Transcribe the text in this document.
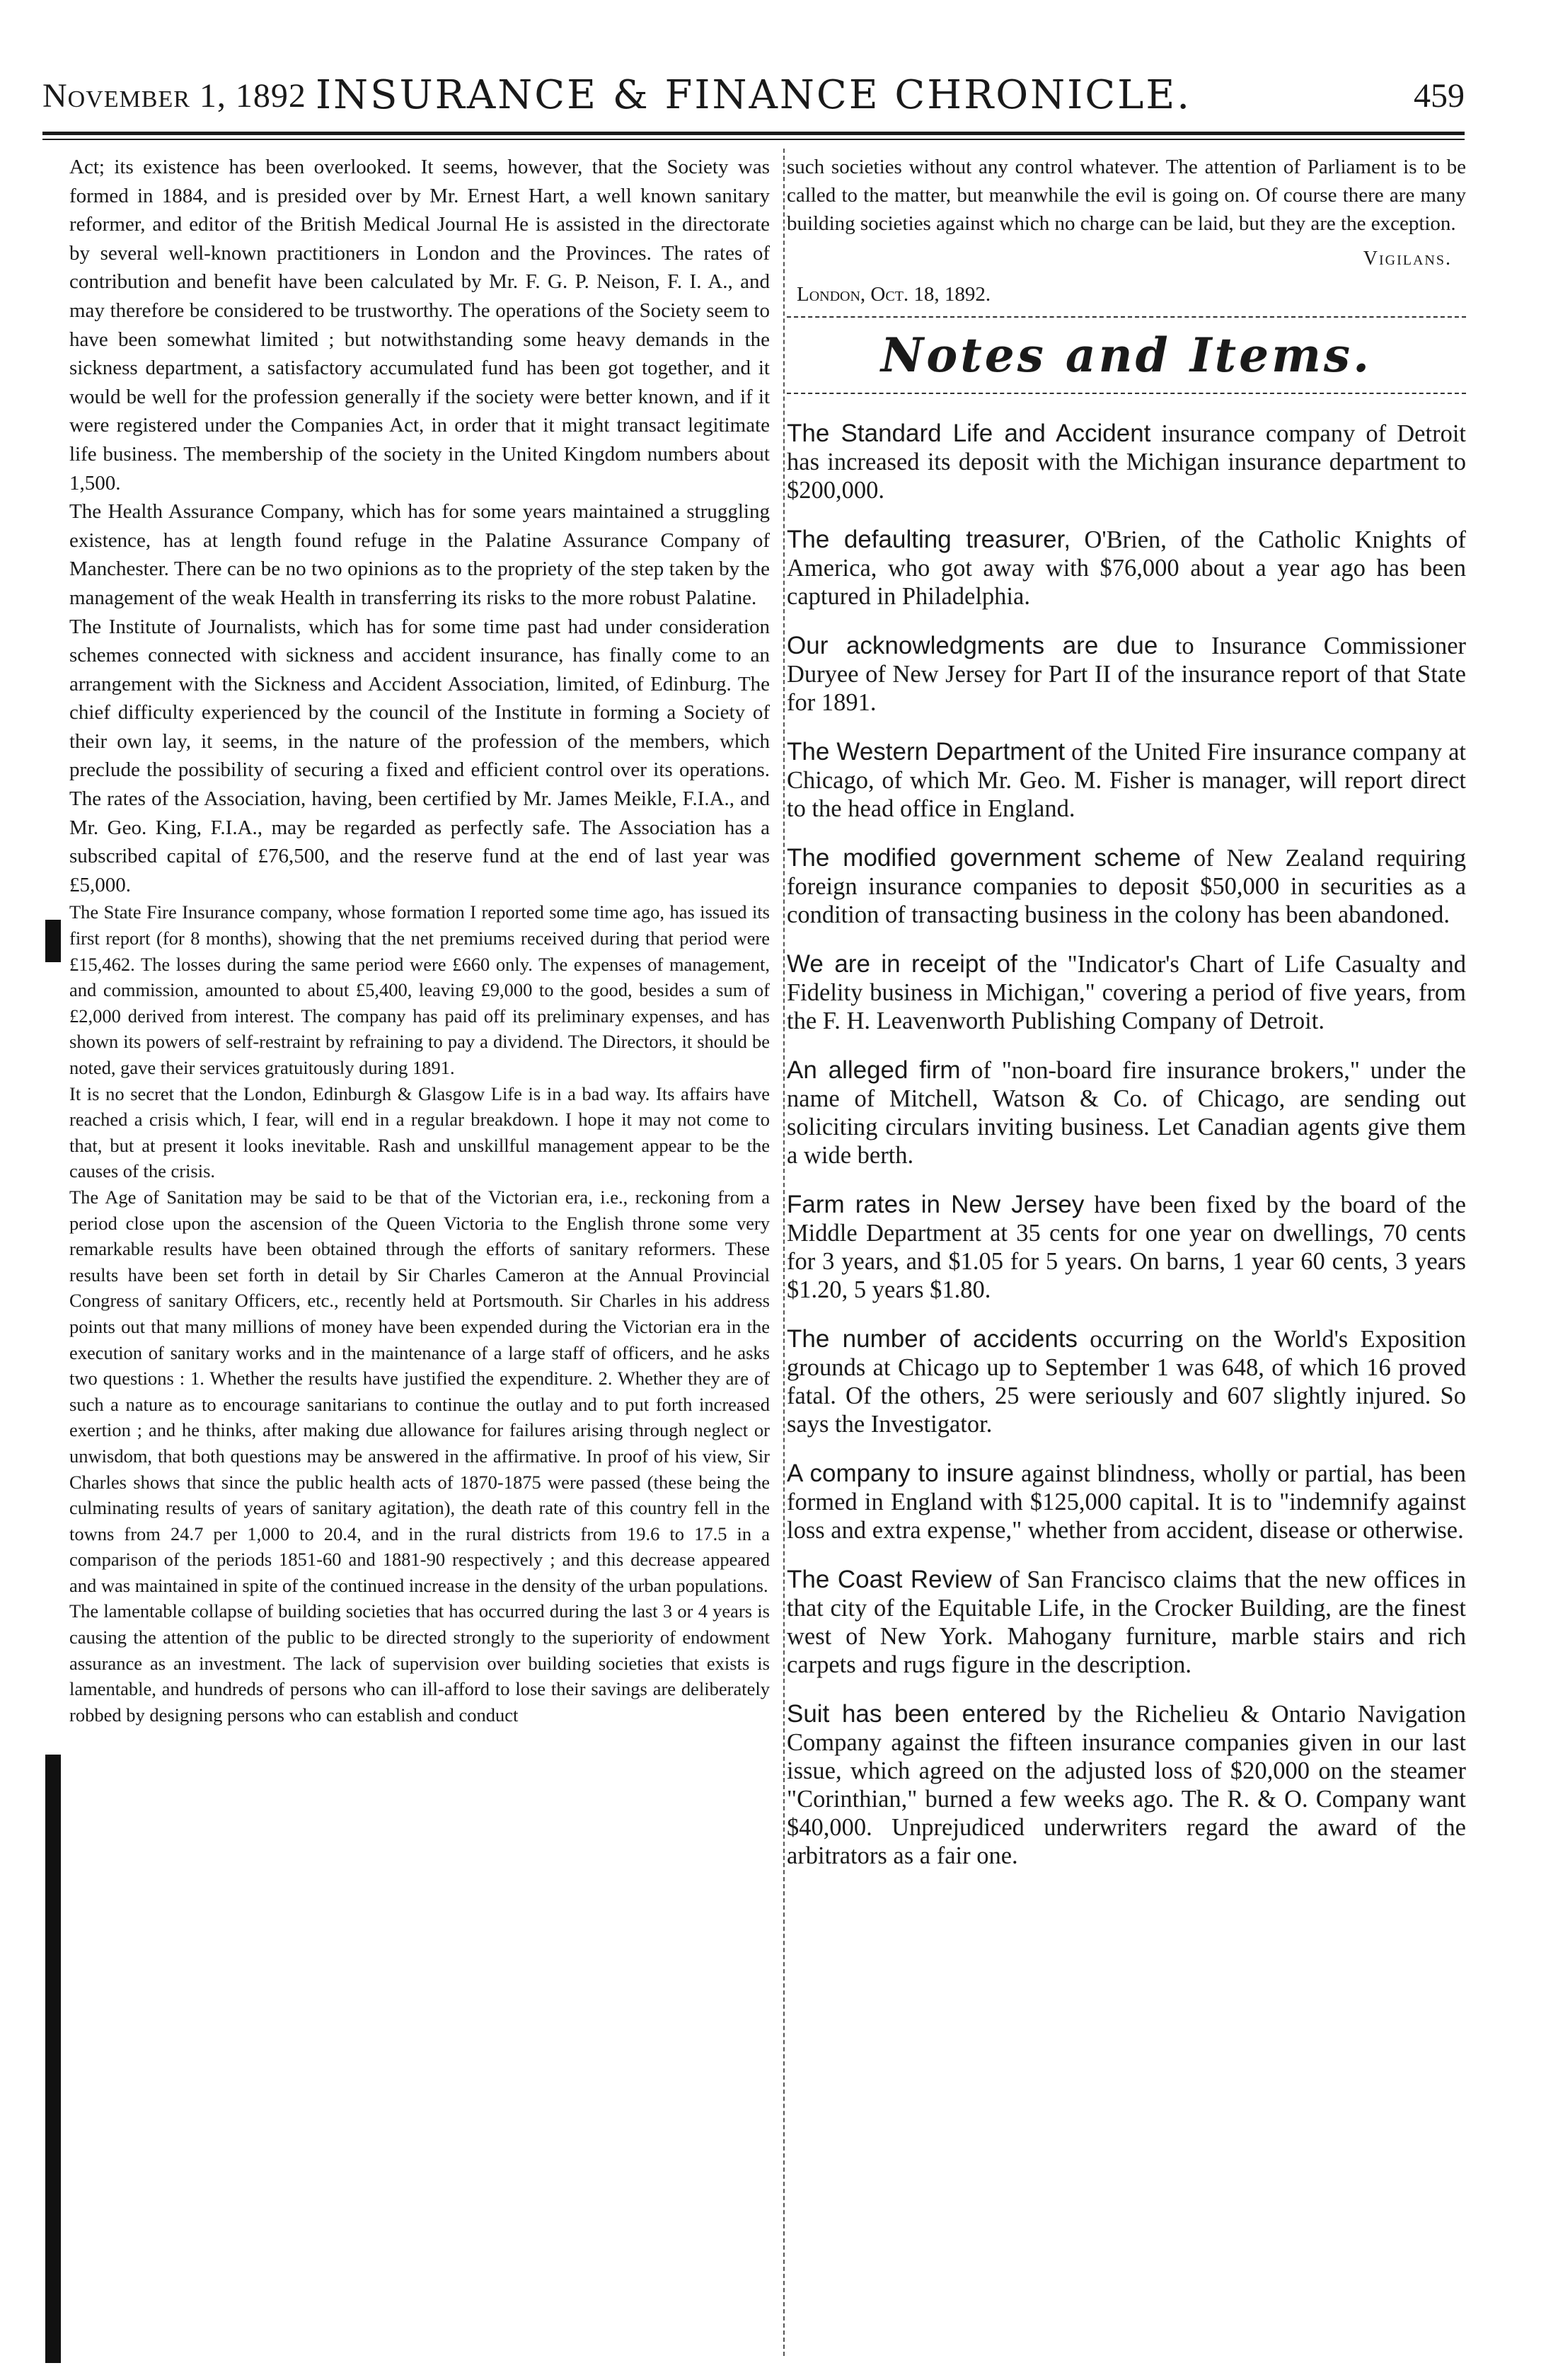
November 1, 1892 INSURANCE & FINANCE CHRONICLE.	459

Act; its existence has been overlooked. It seems, however, that the Society was formed in 1884, and is presided over by Mr. Ernest Hart, a well known sanitary reformer, and editor of the British Medical Journal He is assisted in the directorate by several well-known practitioners in London and the Provinces. The rates of contribution and benefit have been calculated by Mr. F. G. P. Neison, F. I. A., and may therefore be considered to be trustworthy. The operations of the Society seem to have been somewhat limited ; but notwithstanding some heavy demands in the sickness department, a satisfactory accumulated fund has been got together, and it would be well for the profession generally if the society were better known, and if it were registered under the Companies Act, in order that it might transact legitimate life business. The membership of the society in the United Kingdom numbers about 1,500.

The Health Assurance Company, which has for some years maintained a struggling existence, has at length found refuge in the Palatine Assurance Company of Manchester. There can be no two opinions as to the propriety of the step taken by the management of the weak Health in transferring its risks to the more robust Palatine.

The Institute of Journalists, which has for some time past had under consideration schemes connected with sickness and accident insurance, has finally come to an arrangement with the Sickness and Accident Association, limited, of Edinburg. The chief difficulty experienced by the council of the Institute in forming a Society of their own lay, it seems, in the nature of the profession of the members, which preclude the possibility of securing a fixed and efficient control over its operations. The rates of the Association, having, been certified by Mr. James Meikle, F.I.A., and Mr. Geo. King, F.I.A., may be regarded as perfectly safe. The Association has a subscribed capital of £76,500, and the reserve fund at the end of last year was £5,000.

The State Fire Insurance company, whose formation I reported some time ago, has issued its first report (for 8 months), showing that the net premiums received during that period were £15,462. The losses during the same period were £660 only. The expenses of management, and commission, amounted to about £5,400, leaving £9,000 to the good, besides a sum of £2,000 derived from interest. The company has paid off its preliminary expenses, and has shown its powers of self-restraint by refraining to pay a dividend. The Directors, it should be noted, gave their services gratuitously during 1891.

It is no secret that the London, Edinburgh & Glasgow Life is in a bad way. Its affairs have reached a crisis which, I fear, will end in a regular breakdown. I hope it may not come to that, but at present it looks inevitable. Rash and unskillful management appear to be the causes of the crisis.

The Age of Sanitation may be said to be that of the Victorian era, i.e., reckoning from a period close upon the ascension of the Queen Victoria to the English throne some very remarkable results have been obtained through the efforts of sanitary reformers. These results have been set forth in detail by Sir Charles Cameron at the Annual Provincial Congress of sanitary Officers, etc., recently held at Portsmouth. Sir Charles in his address points out that many millions of money have been expended during the Victorian era in the execution of sanitary works and in the maintenance of a large staff of officers, and he asks two questions : 1. Whether the results have justified the expenditure. 2. Whether they are of such a nature as to encourage sanitarians to continue the outlay and to put forth increased exertion ; and he thinks, after making due allowance for failures arising through neglect or unwisdom, that both questions may be answered in the affirmative. In proof of his view, Sir Charles shows that since the public health acts of 1870-1875 were passed (these being the culminating results of years of sanitary agitation), the death rate of this country fell in the towns from 24.7 per 1,000 to 20.4, and in the rural districts from 19.6 to 17.5 in a comparison of the periods 1851-60 and 1881-90 respectively ; and this decrease appeared and was maintained in spite of the continued increase in the density of the urban populations.

The lamentable collapse of building societies that has occurred during the last 3 or 4 years is causing the attention of the public to be directed strongly to the superiority of endowment assurance as an investment. The lack of supervision over building societies that exists is lamentable, and hundreds of persons who can ill-afford to lose their savings are deliberately robbed by designing persons who can establish and conduct

such societies without any control whatever. The attention of Parliament is to be called to the matter, but meanwhile the evil is going on. Of course there are many building societies against which no charge can be laid, but they are the exception.

Vigilans.
London, Oct. 18, 1892.
Notes and Items.

The Standard Life and Accident insurance company of Detroit has increased its deposit with the Michigan insurance department to $200,000.

The defaulting treasurer, O'Brien, of the Catholic Knights of America, who got away with $76,000 about a year ago has been captured in Philadelphia.

Our acknowledgments are due to Insurance Commissioner Duryee of New Jersey for Part II of the insurance report of that State for 1891.

The Western Department of the United Fire insurance company at Chicago, of which Mr. Geo. M. Fisher is manager, will report direct to the head office in England.

The modified government scheme of New Zealand requiring foreign insurance companies to deposit $50,000 in securities as a condition of transacting business in the colony has been abandoned.

We are in receipt of the "Indicator's Chart of Life Casualty and Fidelity business in Michigan," covering a period of five years, from the F. H. Leavenworth Publishing Company of Detroit.

An alleged firm of "non-board fire insurance brokers," under the name of Mitchell, Watson & Co. of Chicago, are sending out soliciting circulars inviting business. Let Canadian agents give them a wide berth.

Farm rates in New Jersey have been fixed by the board of the Middle Department at 35 cents for one year on dwellings, 70 cents for 3 years, and $1.05 for 5 years. On barns, 1 year 60 cents, 3 years $1.20, 5 years $1.80.

The number of accidents occurring on the World's Exposition grounds at Chicago up to September 1 was 648, of which 16 proved fatal. Of the others, 25 were seriously and 607 slightly injured. So says the Investigator.

A company to insure against blindness, wholly or partial, has been formed in England with $125,000 capital. It is to "indemnify against loss and extra expense," whether from accident, disease or otherwise.

The Coast Review of San Francisco claims that the new offices in that city of the Equitable Life, in the Crocker Building, are the finest west of New York. Mahogany furniture, marble stairs and rich carpets and rugs figure in the description.

Suit has been entered by the Richelieu & Ontario Navigation Company against the fifteen insurance companies given in our last issue, which agreed on the adjusted loss of $20,000 on the steamer "Corinthian," burned a few weeks ago. The R. & O. Company want $40,000. Unprejudiced underwriters regard the award of the arbitrators as a fair one.
